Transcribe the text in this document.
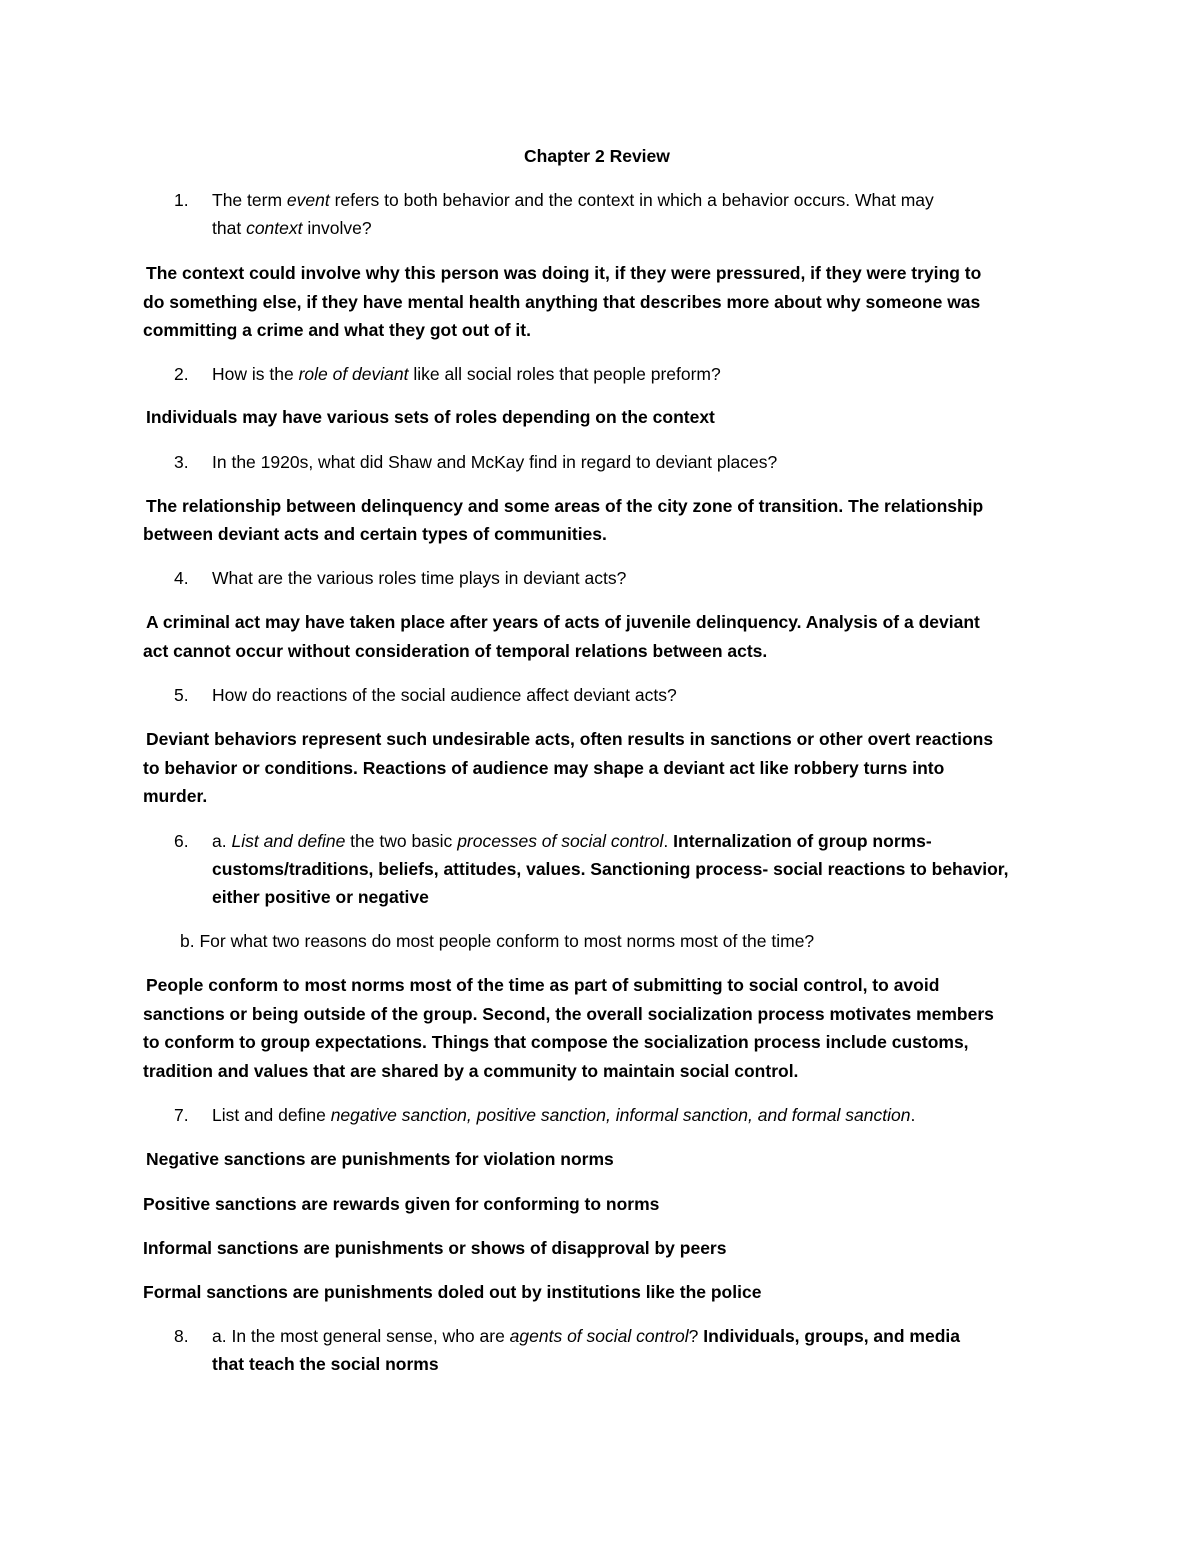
Chapter 2 Review
1. The term event refers to both behavior and the context in which a behavior occurs. What may
that context involve?
The context could involve why this person was doing it, if they were pressured, if they were trying to
do something else, if they have mental health anything that describes more about why someone was
committing a crime and what they got out of it.
2. How is the role of deviant like all social roles that people preform?
Individuals may have various sets of roles depending on the context
3. In the 1920s, what did Shaw and McKay find in regard to deviant places?
The relationship between delinquency and some areas of the city zone of transition. The relationship
between deviant acts and certain types of communities.
4. What are the various roles time plays in deviant acts?
A criminal act may have taken place after years of acts of juvenile delinquency. Analysis of a deviant
act cannot occur without consideration of temporal relations between acts.
5. How do reactions of the social audience affect deviant acts?
Deviant behaviors represent such undesirable acts, often results in sanctions or other overt reactions
to behavior or conditions. Reactions of audience may shape a deviant act like robbery turns into
murder.
6. a. List and define the two basic processes of social control. Internalization of group norms-
customs/traditions, beliefs, attitudes, values. Sanctioning process- social reactions to behavior,
either positive or negative
b. For what two reasons do most people conform to most norms most of the time?
People conform to most norms most of the time as part of submitting to social control, to avoid
sanctions or being outside of the group. Second, the overall socialization process motivates members
to conform to group expectations. Things that compose the socialization process include customs,
tradition and values that are shared by a community to maintain social control.
7. List and define negative sanction, positive sanction, informal sanction, and formal sanction.
Negative sanctions are punishments for violation norms
Positive sanctions are rewards given for conforming to norms
Informal sanctions are punishments or shows of disapproval by peers
Formal sanctions are punishments doled out by institutions like the police
8. a. In the most general sense, who are agents of social control? Individuals, groups, and media
that teach the social norms
